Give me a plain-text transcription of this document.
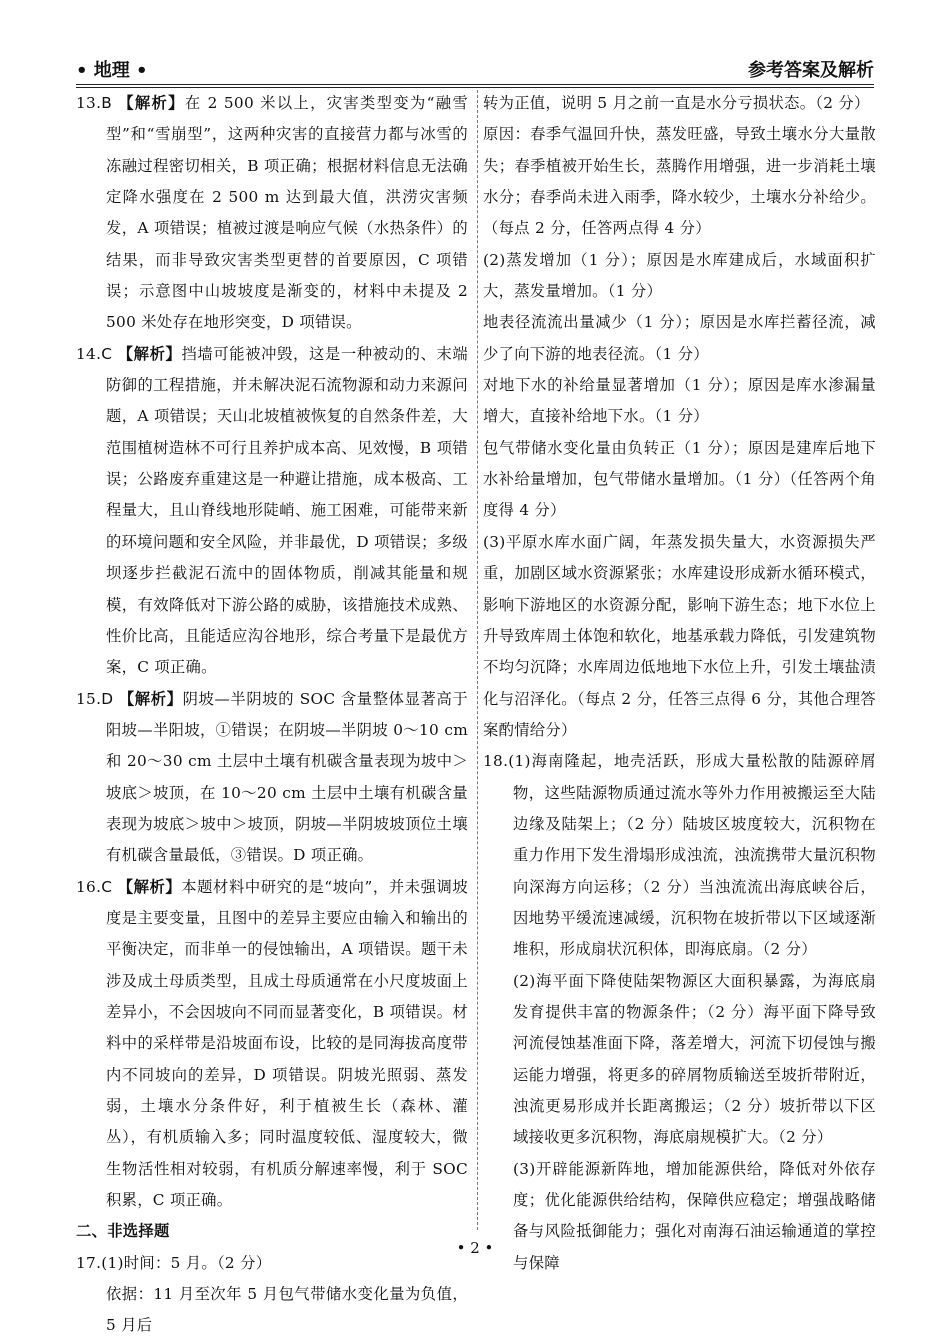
• 地理 •	参考答案及解析

13.B 【解析】在 2 500 米以上，灾害类型变为“融雪型”和“雪崩型”，这两种灾害的直接营力都与冰雪的冻融过程密切相关，B 项正确；根据材料信息无法确定降水强度在 2 500 m 达到最大值，洪涝灾害频发，A 项错误；植被过渡是响应气候（水热条件）的结果，而非导致灾害类型更替的首要原因，C 项错误；示意图中山坡坡度是渐变的，材料中未提及 2 500 米处存在地形突变，D 项错误。

14.C 【解析】挡墙可能被冲毁，这是一种被动的、末端防御的工程措施，并未解决泥石流物源和动力来源问题，A 项错误；天山北坡植被恢复的自然条件差，大范围植树造林不可行且养护成本高、见效慢，B 项错误；公路废弃重建这是一种避让措施，成本极高、工程量大，且山脊线地形陡峭、施工困难，可能带来新的环境问题和安全风险，并非最优，D 项错误；多级坝逐步拦截泥石流中的固体物质，削减其能量和规模，有效降低对下游公路的威胁，该措施技术成熟、性价比高，且能适应沟谷地形，综合考量下是最优方案，C 项正确。

15.D 【解析】阴坡—半阴坡的 SOC 含量整体显著高于阳坡—半阳坡，①错误；在阴坡—半阴坡 0～10 cm 和 20～30 cm 土层中土壤有机碳含量表现为坡中＞坡底＞坡顶，在 10～20 cm 土层中土壤有机碳含量表现为坡底＞坡中＞坡顶，阴坡—半阴坡坡顶位土壤有机碳含量最低，③错误。D 项正确。

16.C 【解析】本题材料中研究的是“坡向”，并未强调坡度是主要变量，且图中的差异主要应由输入和输出的平衡决定，而非单一的侵蚀输出，A 项错误。题干未涉及成土母质类型，且成土母质通常在小尺度坡面上差异小，不会因坡向不同而显著变化，B 项错误。材料中的采样带是沿坡面布设，比较的是同海拔高度带内不同坡向的差异，D 项错误。阴坡光照弱、蒸发弱，土壤水分条件好，利于植被生长（森林、灌丛），有机质输入多；同时温度较低、湿度较大，微生物活性相对较弱，有机质分解速率慢，利于 SOC 积累，C 项正确。

二、非选择题

17.(1)时间：5 月。（2 分）

依据：11 月至次年 5 月包气带储水变化量为负值，5 月后

转为正值，说明 5 月之前一直是水分亏损状态。（2 分）

原因：春季气温回升快，蒸发旺盛，导致土壤水分大量散失；春季植被开始生长，蒸腾作用增强，进一步消耗土壤水分；春季尚未进入雨季，降水较少，土壤水分补给少。（每点 2 分，任答两点得 4 分）

(2)蒸发增加（1 分）；原因是水库建成后，水域面积扩大，蒸发量增加。（1 分）

地表径流流出量减少（1 分）；原因是水库拦蓄径流，减少了向下游的地表径流。（1 分）

对地下水的补给量显著增加（1 分）；原因是库水渗漏量增大，直接补给地下水。（1 分）

包气带储水变化量由负转正（1 分）；原因是建库后地下水补给量增加，包气带储水量增加。（1 分）（任答两个角度得 4 分）

(3)平原水库水面广阔，年蒸发损失量大，水资源损失严重，加剧区域水资源紧张；水库建设形成新水循环模式，影响下游地区的水资源分配，影响下游生态；地下水位上升导致库周土体饱和软化，地基承载力降低，引发建筑物不均匀沉降；水库周边低地地下水位上升，引发土壤盐渍化与沼泽化。（每点 2 分，任答三点得 6 分，其他合理答案酌情给分）

18.(1)海南隆起，地壳活跃，形成大量松散的陆源碎屑物，这些陆源物质通过流水等外力作用被搬运至大陆边缘及陆架上；（2 分）陆坡区坡度较大，沉积物在重力作用下发生滑塌形成浊流，浊流携带大量沉积物向深海方向运移；（2 分）当浊流流出海底峡谷后，因地势平缓流速减缓，沉积物在坡折带以下区域逐渐堆积，形成扇状沉积体，即海底扇。（2 分）

(2)海平面下降使陆架物源区大面积暴露，为海底扇发育提供丰富的物源条件；（2 分）海平面下降导致河流侵蚀基准面下降，落差增大，河流下切侵蚀与搬运能力增强，将更多的碎屑物质输送至坡折带附近，浊流更易形成并长距离搬运；（2 分）坡折带以下区域接收更多沉积物，海底扇规模扩大。（2 分）

(3)开辟能源新阵地，增加能源供给，降低对外依存度；优化能源供给结构，保障供应稳定；增强战略储备与风险抵御能力；强化对南海石油运输通道的掌控与保障

• 2 •
